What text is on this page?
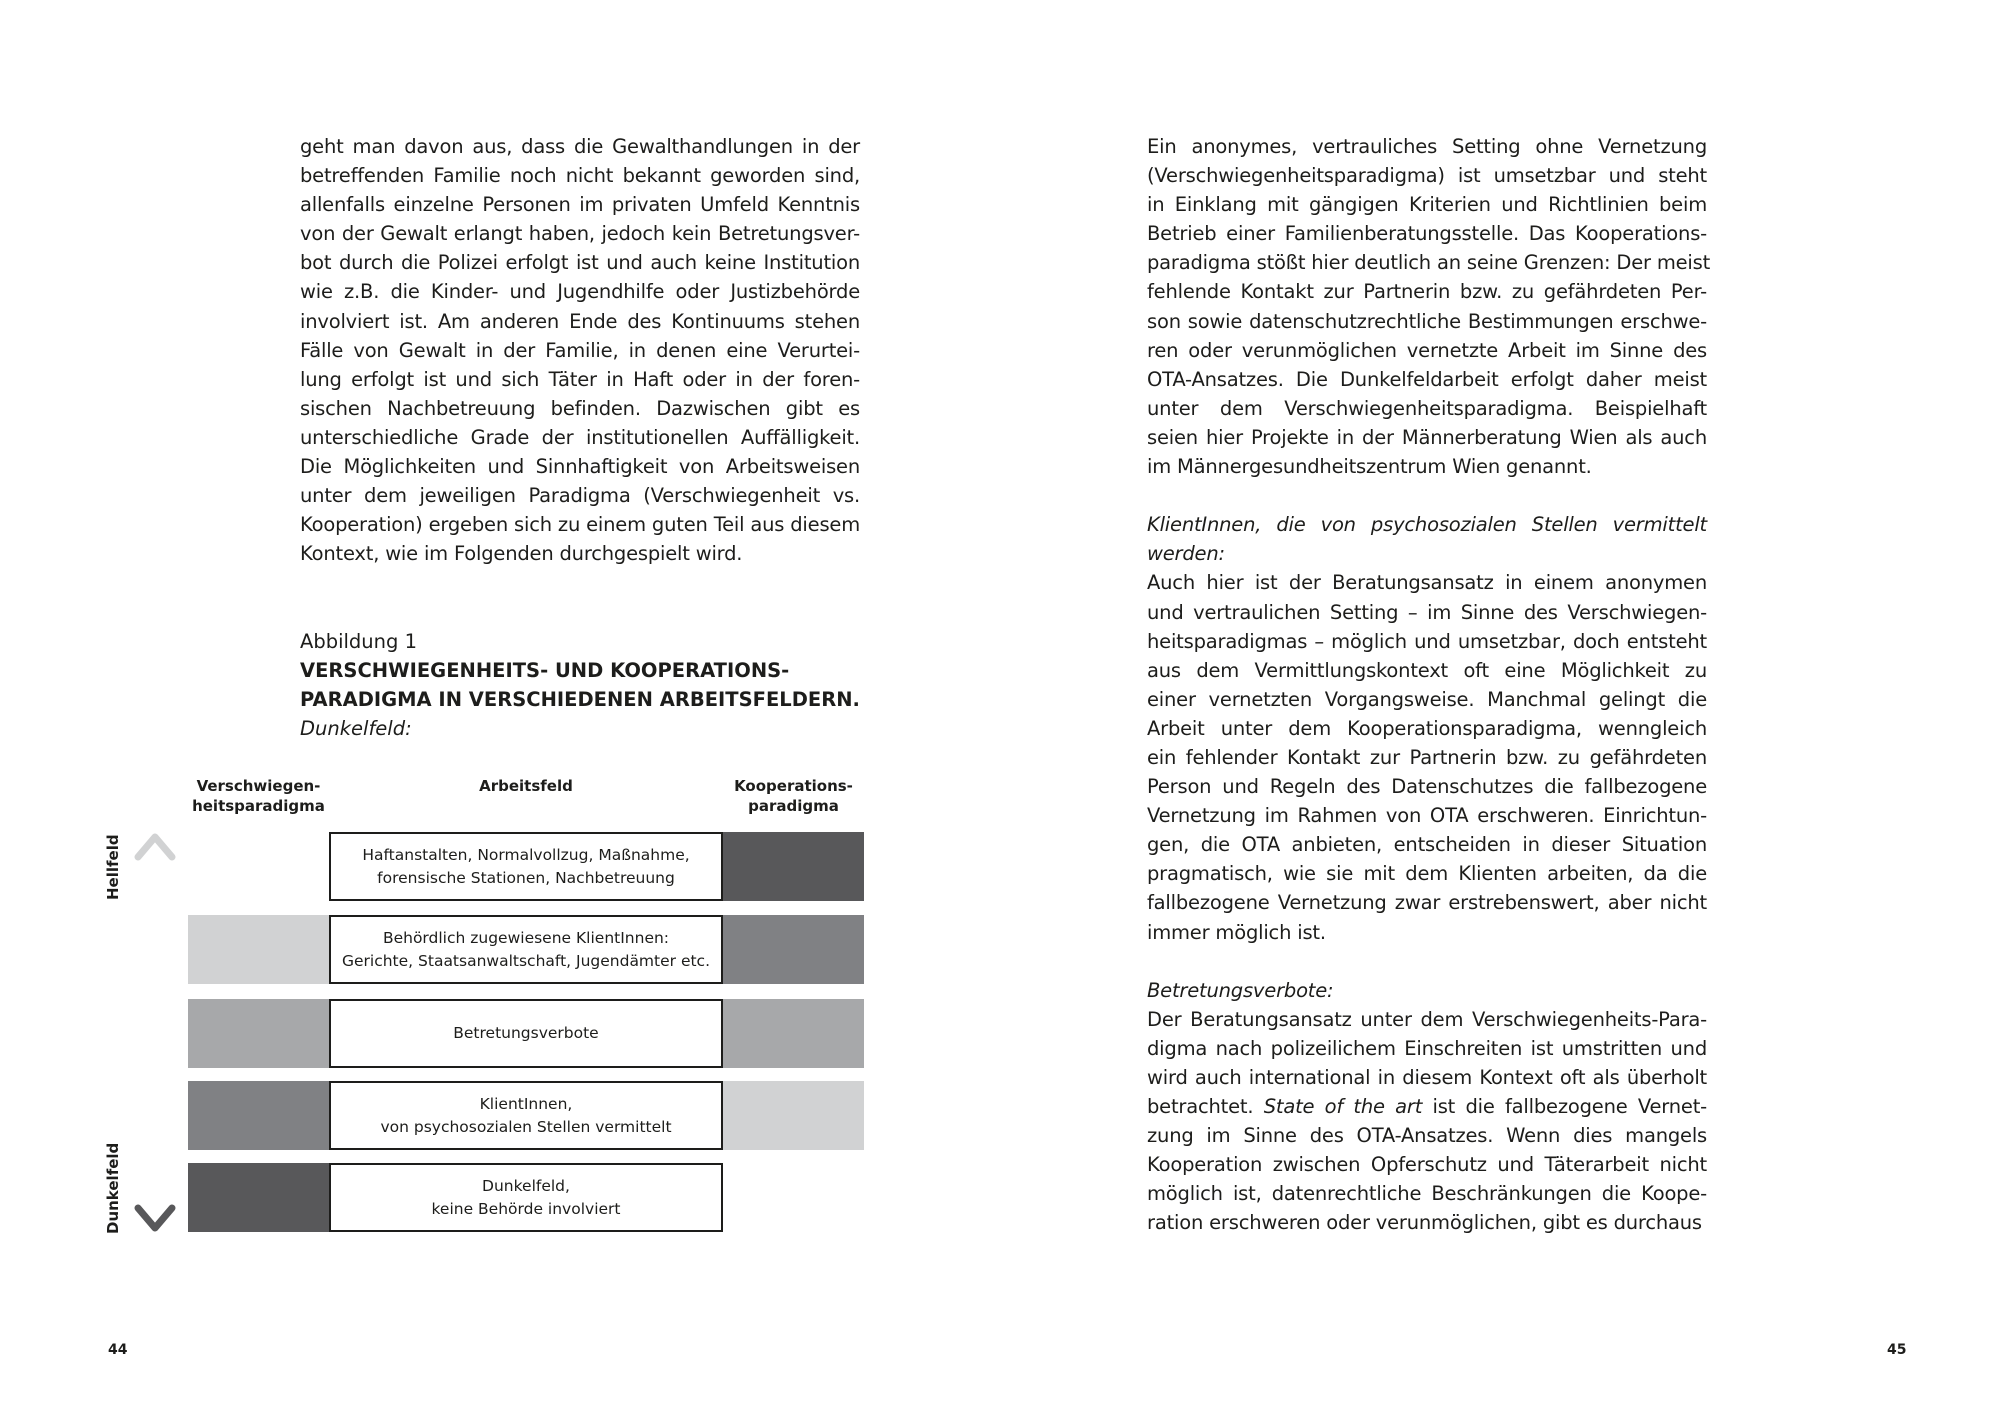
geht man davon aus, dass die Gewalthandlungen in der
betreffenden Familie noch nicht bekannt geworden sind,
allenfalls einzelne Personen im privaten Umfeld Kenntnis
von der Gewalt erlangt haben, jedoch kein Betretungsver-
bot durch die Polizei erfolgt ist und auch keine Institution
wie z.B. die Kinder- und Jugendhilfe oder Justizbehörde
involviert ist. Am anderen Ende des Kontinuums stehen
Fälle von Gewalt in der Familie, in denen eine Verurtei-
lung erfolgt ist und sich Täter in Haft oder in der foren-
sischen Nachbetreuung befinden. Dazwischen gibt es
unterschiedliche Grade der institutionellen Auffälligkeit.
Die Möglichkeiten und Sinnhaftigkeit von Arbeitsweisen
unter dem jeweiligen Paradigma (Verschwiegenheit vs.
Kooperation) ergeben sich zu einem guten Teil aus diesem
Kontext, wie im Folgenden durchgespielt wird.
Abbildung 1
VERSCHWIEGENHEITS- UND KOOPERATIONS-
PARADIGMA IN VERSCHIEDENEN ARBEITSFELDERN.
Dunkelfeld:
Verschwiegen-
heitsparadigma
Arbeitsfeld	Kooperations-
paradigma
Hellfeld
Dunkelfeld
Haftanstalten, Normalvollzug, Maßnahme,
forensische Stationen, Nachbetreuung
Behördlich zugewiesene KlientInnen:
Gerichte, Staatsanwaltschaft, Jugendämter etc.
Betretungsverbote
KlientInnen,
von psychosozialen Stellen vermittelt
Dunkelfeld,
keine Behörde involviert
Ein anonymes, vertrauliches Setting ohne Vernetzung
(Verschwiegenheitsparadigma) ist umsetzbar und steht
in Einklang mit gängigen Kriterien und Richtlinien beim
Betrieb einer Familienberatungsstelle. Das Kooperations-
paradigma stößt hier deutlich an seine Grenzen: Der meist
fehlende Kontakt zur Partnerin bzw. zu gefährdeten Per-
son sowie datenschutzrechtliche Bestimmungen erschwe-
ren oder verunmöglichen vernetzte Arbeit im Sinne des
OTA-Ansatzes. Die Dunkelfeldarbeit erfolgt daher meist
unter dem Verschwiegenheitsparadigma. Beispielhaft
seien hier Projekte in der Männerberatung Wien als auch
im Männergesundheitszentrum Wien genannt.
KlientInnen, die von psychosozialen Stellen vermittelt
werden:
Auch hier ist der Beratungsansatz in einem anonymen
und vertraulichen Setting – im Sinne des Verschwiegen-
heitsparadigmas – möglich und umsetzbar, doch entsteht
aus dem Vermittlungskontext oft eine Möglichkeit zu
einer vernetzten Vorgangsweise. Manchmal gelingt die
Arbeit unter dem Kooperationsparadigma, wenngleich
ein fehlender Kontakt zur Partnerin bzw. zu gefährdeten
Person und Regeln des Datenschutzes die fallbezogene
Vernetzung im Rahmen von OTA erschweren. Einrichtun-
gen, die OTA anbieten, entscheiden in dieser Situation
pragmatisch, wie sie mit dem Klienten arbeiten, da die
fallbezogene Vernetzung zwar erstrebenswert, aber nicht
immer möglich ist.
Betretungsverbote:
Der Beratungsansatz unter dem Verschwiegenheits-Para-
digma nach polizeilichem Einschreiten ist umstritten und
wird auch international in diesem Kontext oft als überholt
betrachtet. State of the art ist die fallbezogene Vernet-
zung im Sinne des OTA-Ansatzes. Wenn dies mangels
Kooperation zwischen Opferschutz und Täterarbeit nicht
möglich ist, datenrechtliche Beschränkungen die Koope-
ration erschweren oder verunmöglichen, gibt es durchaus
44	45
